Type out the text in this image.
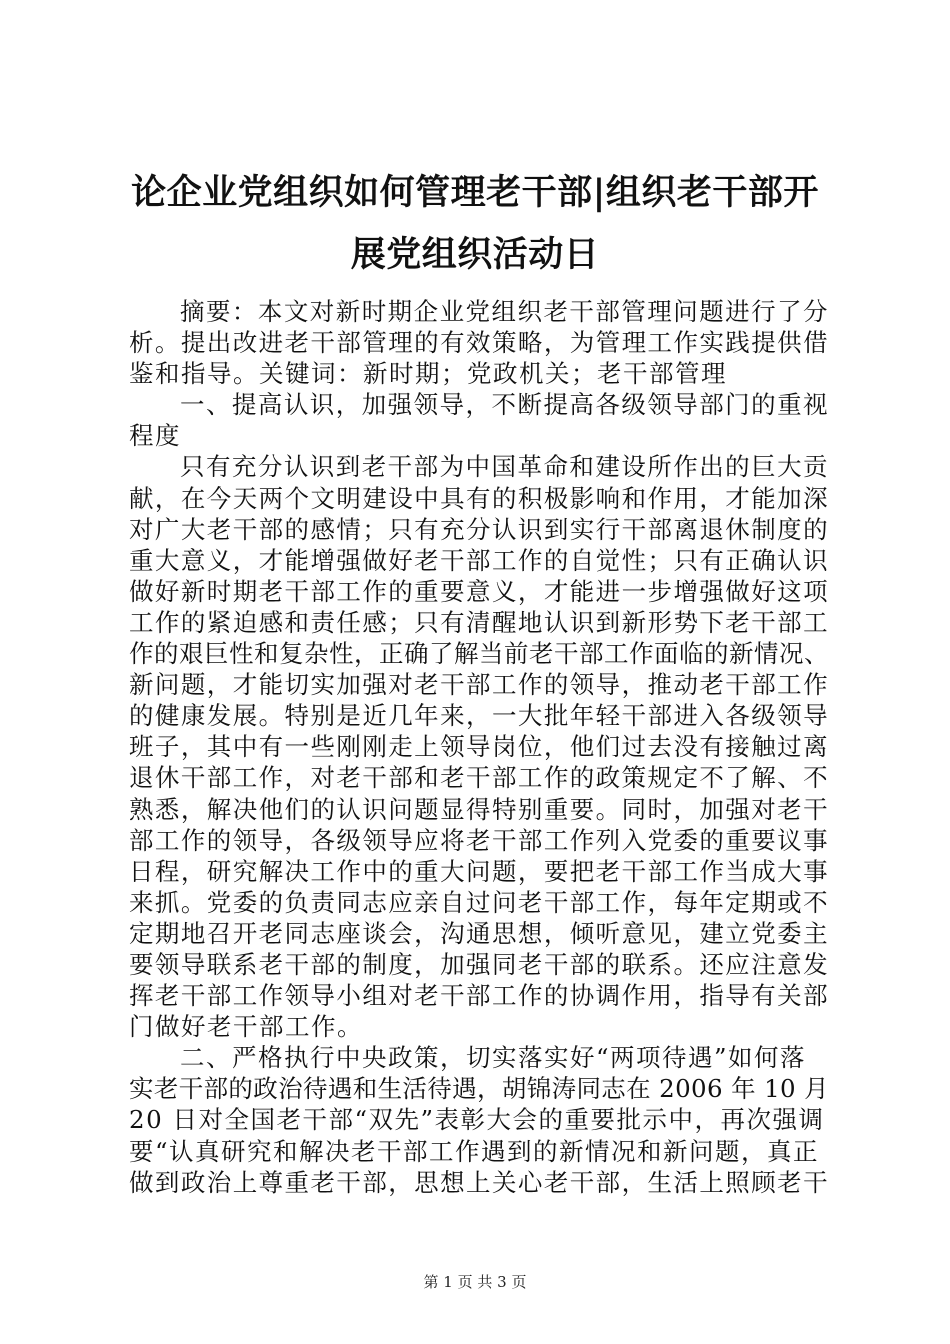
论企业党组织如何管理老干部|组织老干部开
展党组织活动日
摘要：本文对新时期企业党组织老干部管理问题进行了分
析。提出改进老干部管理的有效策略，为管理工作实践提供借
鉴和指导。关键词：新时期；党政机关；老干部管理
一、提高认识，加强领导，不断提高各级领导部门的重视
程度
只有充分认识到老干部为中国革命和建设所作出的巨大贡
献，在今天两个文明建设中具有的积极影响和作用，才能加深
对广大老干部的感情；只有充分认识到实行干部离退休制度的
重大意义，才能增强做好老干部工作的自觉性；只有正确认识
做好新时期老干部工作的重要意义，才能进一步增强做好这项
工作的紧迫感和责任感；只有清醒地认识到新形势下老干部工
作的艰巨性和复杂性，正确了解当前老干部工作面临的新情况、
新问题，才能切实加强对老干部工作的领导，推动老干部工作
的健康发展。特别是近几年来，一大批年轻干部进入各级领导
班子，其中有一些刚刚走上领导岗位，他们过去没有接触过离
退休干部工作，对老干部和老干部工作的政策规定不了解、不
熟悉，解决他们的认识问题显得特别重要。同时，加强对老干
部工作的领导，各级领导应将老干部工作列入党委的重要议事
日程，研究解决工作中的重大问题，要把老干部工作当成大事
来抓。党委的负责同志应亲自过问老干部工作，每年定期或不
定期地召开老同志座谈会，沟通思想，倾听意见，建立党委主
要领导联系老干部的制度，加强同老干部的联系。还应注意发
挥老干部工作领导小组对老干部工作的协调作用，指导有关部
门做好老干部工作。
二、严格执行中央政策，切实落实好“两项待遇”如何落
实老干部的政治待遇和生活待遇，胡锦涛同志在 2006 年 10 月
20 日对全国老干部“双先”表彰大会的重要批示中，再次强调
要“认真研究和解决老干部工作遇到的新情况和新问题，真正
做到政治上尊重老干部，思想上关心老干部，生活上照顾老干
第 1 页 共 3 页
